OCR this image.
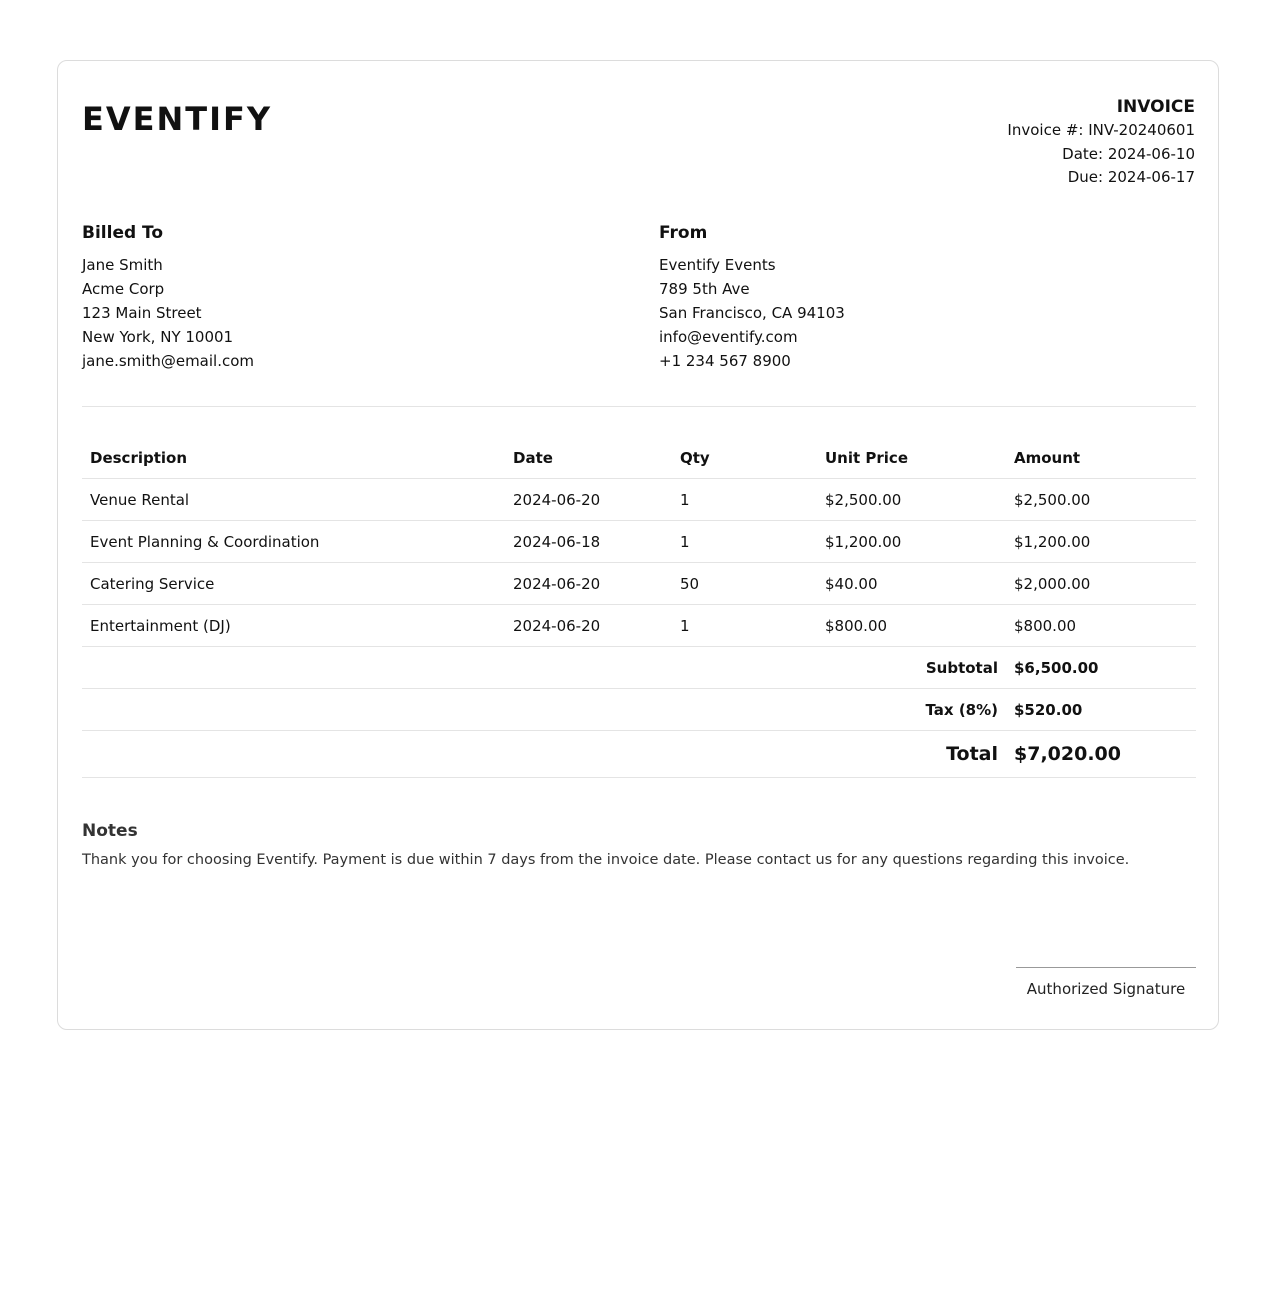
EVENTIFY	INVOICE
Invoice #: INV-20240601
Date: 2024-06-10
Due: 2024-06-17
Billed To
Jane Smith
Acme Corp
123 Main Street
New York, NY 10001
jane.smith@email.com
From
Eventify Events
789 5th Ave
San Francisco, CA 94103
info@eventify.com
+1 234 567 8900
Description	Date	Qty	Unit Price	Amount
Venue Rental	2024-06-20	1	$2,500.00	$2,500.00
Event Planning & Coordination	2024-06-18	1	$1,200.00	$1,200.00
Catering Service	2024-06-20	50	$40.00	$2,000.00
Entertainment (DJ)	2024-06-20	1	$800.00	$800.00
Subtotal				$6,500.00
Tax (8%)				$520.00
Total				$7,020.00
Notes
Thank you for choosing Eventify. Payment is due within 7 days from the invoice date. Please contact us for any questions regarding this invoice.
Authorized Signature
